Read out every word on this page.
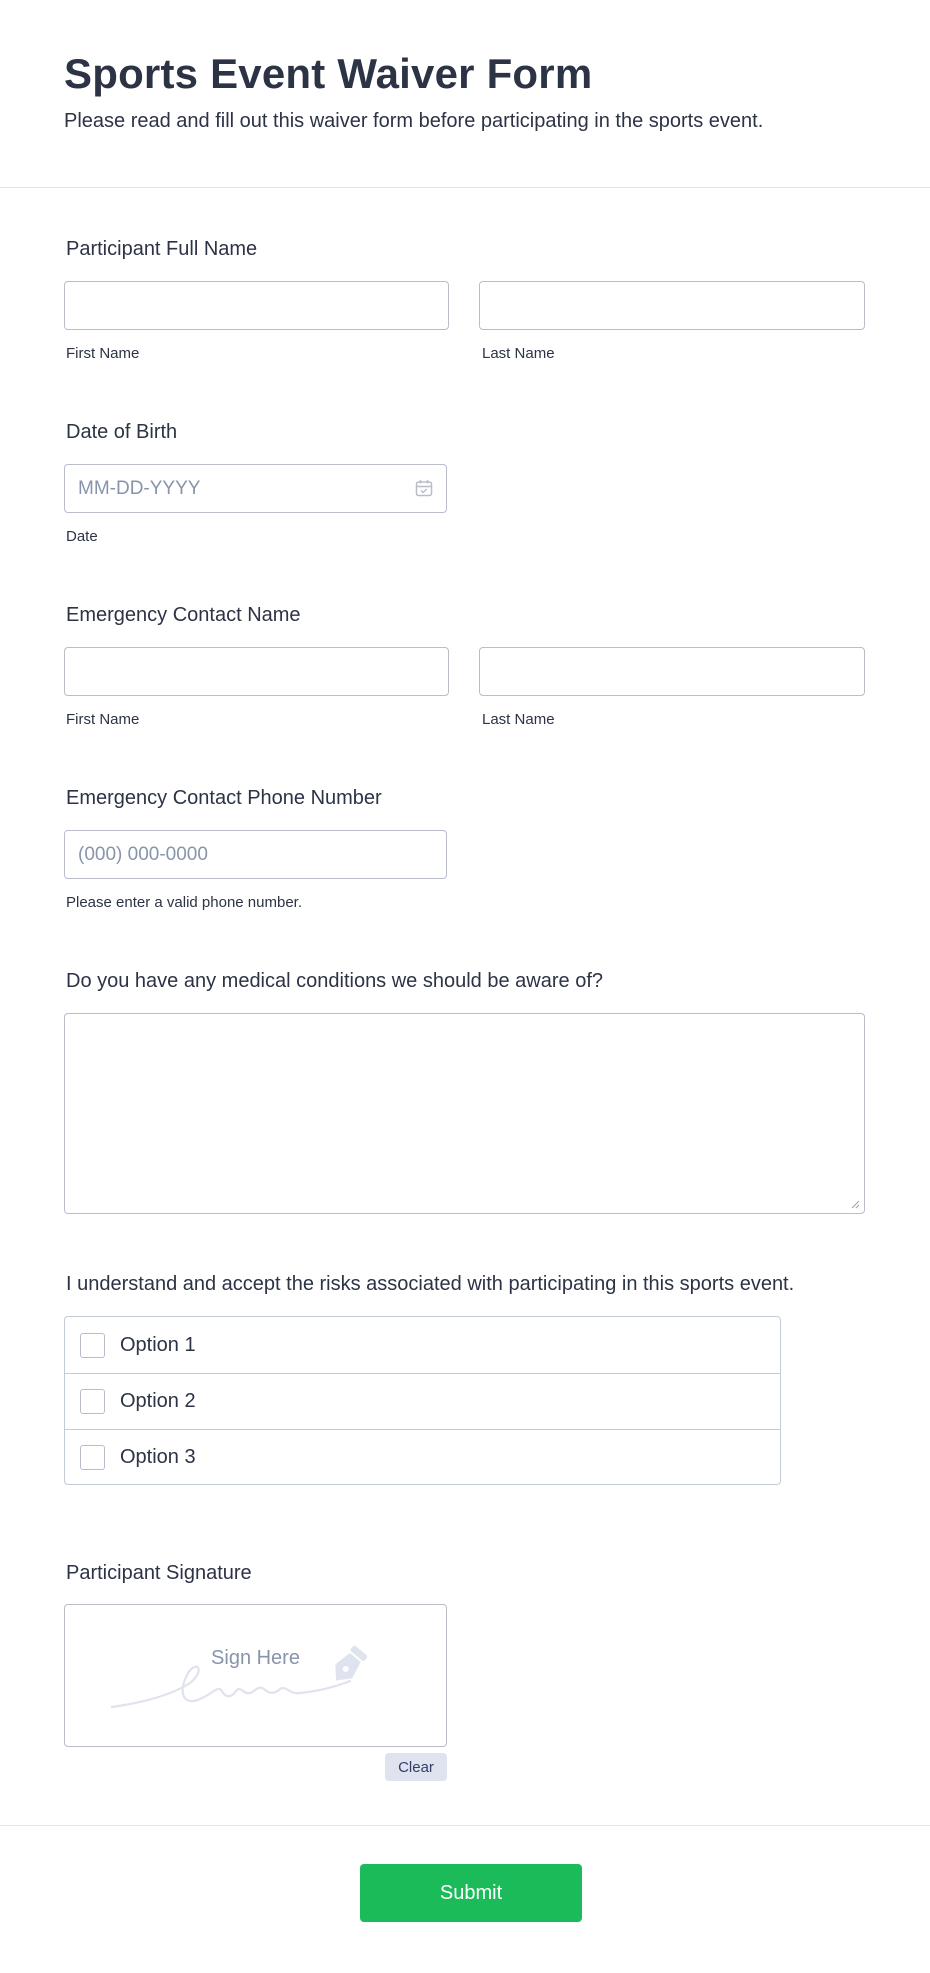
Sports Event Waiver Form

Please read and fill out this waiver form before participating in the sports event.

Participant Full Name
First Name	Last Name
Date of Birth
MM-DD-YYYY
Date
Emergency Contact Name
First Name	Last Name
Emergency Contact Phone Number
(000) 000-0000
Please enter a valid phone number.
Do you have any medical conditions we should be aware of?
I understand and accept the risks associated with participating in this sports event.
Option 1
Option 2
Option 3
Participant Signature
Sign Here
Clear
Submit
